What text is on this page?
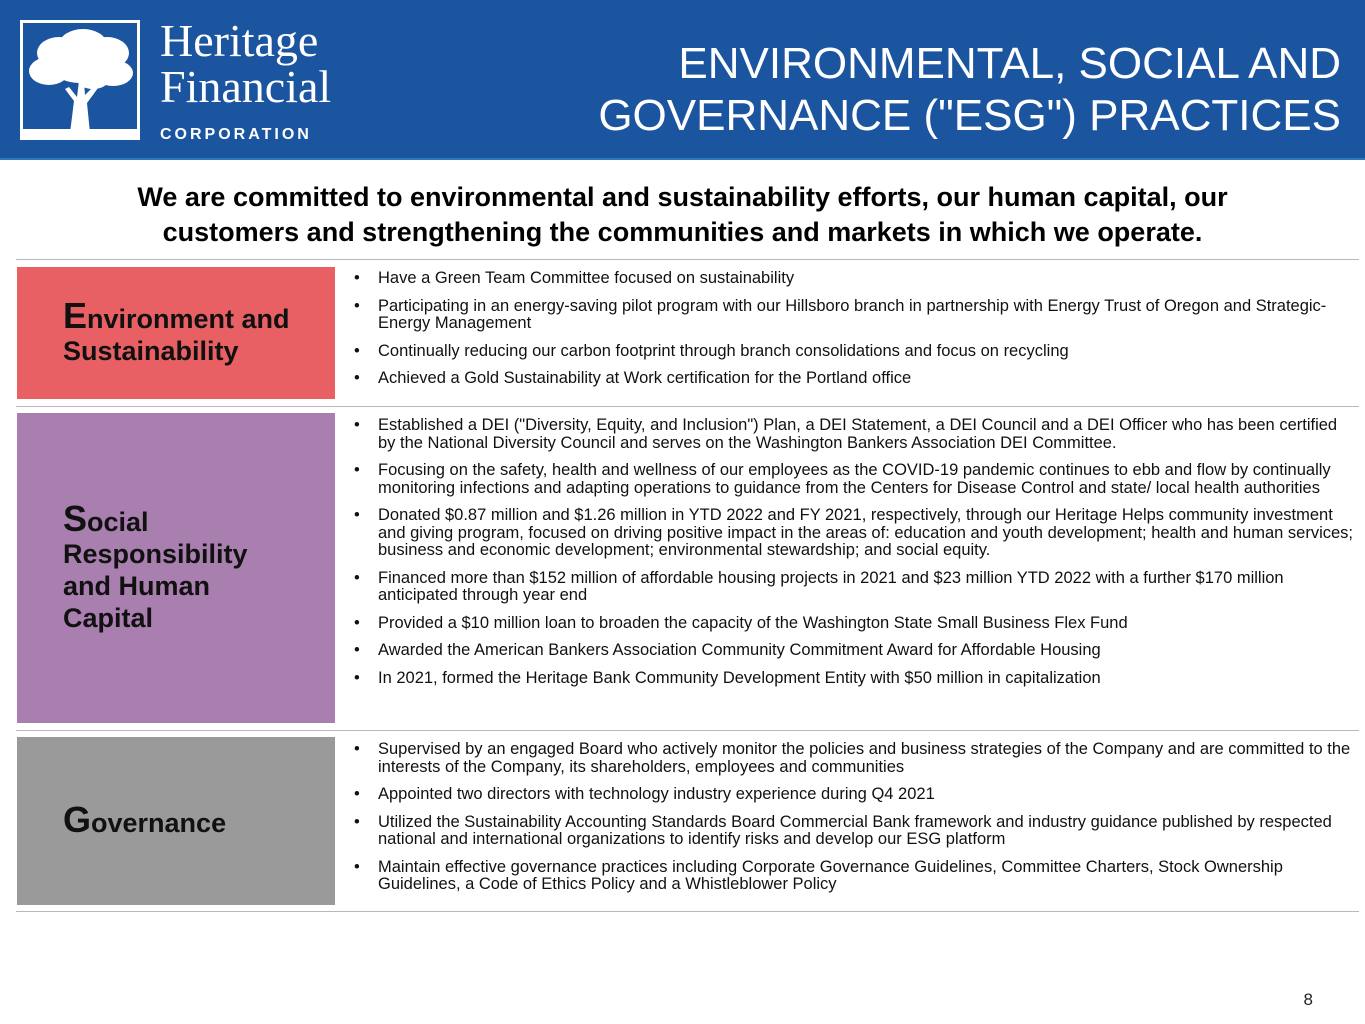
Heritage
Financial
CORPORATION
ENVIRONMENTAL, SOCIAL AND
GOVERNANCE ("ESG") PRACTICES
We are committed to environmental and sustainability efforts, our human capital, our
customers and strengthening the communities and markets in which we operate.
Environment and
Sustainability
• Have a Green Team Committee focused on sustainability
• Participating in an energy-saving pilot program with our Hillsboro branch in partnership with Energy Trust of Oregon and Strategic-Energy Management
• Continually reducing our carbon footprint through branch consolidations and focus on recycling
• Achieved a Gold Sustainability at Work certification for the Portland office
Social
Responsibility
and Human
Capital
• Established a DEI ("Diversity, Equity, and Inclusion") Plan, a DEI Statement, a DEI Council and a DEI Officer who has been certified by the National Diversity Council and serves on the Washington Bankers Association DEI Committee.
• Focusing on the safety, health and wellness of our employees as the COVID-19 pandemic continues to ebb and flow by continually monitoring infections and adapting operations to guidance from the Centers for Disease Control and state/ local health authorities
• Donated $0.87 million and $1.26 million in YTD 2022 and FY 2021, respectively, through our Heritage Helps community investment and giving program, focused on driving positive impact in the areas of: education and youth development; health and human services; business and economic development; environmental stewardship; and social equity.
• Financed more than $152 million of affordable housing projects in 2021 and $23 million YTD 2022 with a further $170 million anticipated through year end
• Provided a $10 million loan to broaden the capacity of the Washington State Small Business Flex Fund
• Awarded the American Bankers Association Community Commitment Award for Affordable Housing
• In 2021, formed the Heritage Bank Community Development Entity with $50 million in capitalization
Governance
• Supervised by an engaged Board who actively monitor the policies and business strategies of the Company and are committed to the interests of the Company, its shareholders, employees and communities
• Appointed two directors with technology industry experience during Q4 2021
• Utilized the Sustainability Accounting Standards Board Commercial Bank framework and industry guidance published by respected national and international organizations to identify risks and develop our ESG platform
• Maintain effective governance practices including Corporate Governance Guidelines, Committee Charters, Stock Ownership Guidelines, a Code of Ethics Policy and a Whistleblower Policy
8
